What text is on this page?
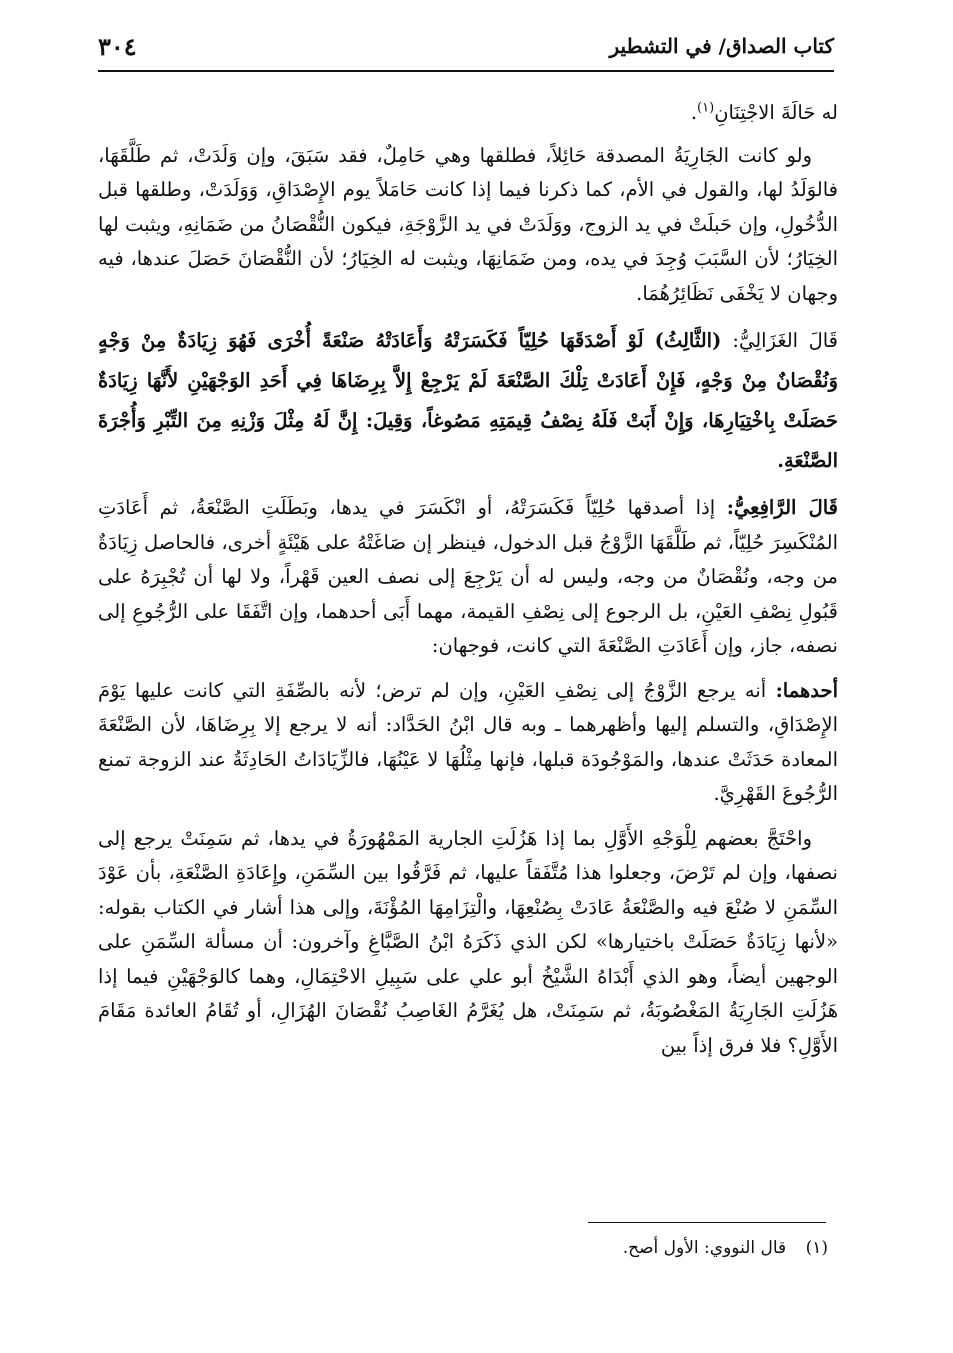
كتاب الصداق/ في التشطير
٣٠٤

له حَالَةَ الاجْتِنَانِ$^{(١)}$.

ولو كانت الجَارِيَةُ المصدقة حَائِلاً، فطلقها وهي حَامِلٌ، فقد سَبَقَ، وإن وَلَدَتْ، ثم طَلَّقَهَا، فالوَلَدُ لها، والقول في الأم، كما ذكرنا فيما إذا كانت حَامَلاً يوم الإِصْدَاقِ، وَوَلَدَتْ، وطلقها قبل الدُّخُولِ، وإن حَبلَتْ في يد الزوج، ووَلَدَتْ في يد الزَّوْجَةِ، فيكون النُّقْصَانُ من ضَمَانِهِ، ويثبت لها الخِيَارُ؛ لأن السَّبَبَ وُجِدَ في يده، ومن ضَمَانِهَا، ويثبت له الخِيَارُ؛ لأن النُّقْصَانَ حَصَلَ عندها، فيه وجهان لا يَخْفَى نَظَائِرُهُمَا.

قَالَ الغَزَالِيُّ: (الثَّالِثُ) لَوْ أَصْدَقَهَا حُلِيّاً فَكَسَرَتْهُ وَأَعَادَتْهُ صَنْعَةً أُخْرَى فَهُوَ زِيَادَةٌ مِنْ وَجْهٍ وَنُقْصَانٌ مِنْ وَجْهٍ، فَإِنْ أَعَادَتْ تِلْكَ الصَّنْعَةَ لَمْ يَرْجِعْ إِلاَّ بِرِضَاهَا فِي أَحَدِ الوَجْهَيْنِ لأَنَّهَا زِيَادَةٌ حَصَلَتْ بِاخْتِيَارِهَا، وَإِنْ أَبَتْ فَلَهُ نِصْفُ قِيمَتِهِ مَصُوغاً، وَقِيلَ: إِنَّ لَهُ مِثْلَ وَزْنِهِ مِنَ التِّبْرِ وَأُجْرَةَ الصَّنْعَةِ.

قَالَ الرَّافِعِيُّ: إذا أصدقها حُلِيّاً فَكَسَرَتْهُ، أو انْكَسَرَ في يدها، وبَطَلَتِ الصَّنْعَةُ، ثم أَعَادَتِ المُنْكَسِرَ حُلِيّاً، ثم طَلَّقَهَا الزَّوْجُ قبل الدخول، فينظر إن صَاغَتْهُ على هَيْئَةٍ أخرى، فالحاصل زِيَادَةٌ من وجه، ونُقْصَانٌ من وجه، وليس له أن يَرْجِعَ إلى نصف العين قَهْراً، ولا لها أن تُجْبِرَهُ على قَبُولِ نِصْفِ العَيْنِ، بل الرجوع إلى نِصْفِ القيمة، مهما أَبَى أحدهما، وإن اتَّفَقَا على الرُّجُوعِ إلى نصفه، جاز، وإن أَعَادَتِ الصَّنْعَةَ التي كانت، فوجهان:

أحدهما: أنه يرجع الزَّوْجُ إلى نِصْفِ العَيْنِ، وإن لم ترض؛ لأنه بالصِّفَةِ التي كانت عليها يَوْمَ الإِصْدَاقِ، والتسلم إليها وأظهرهما ـ وبه قال ابْنُ الحَدَّاد: أنه لا يرجع إلا بِرِضَاهَا، لأن الصَّنْعَةَ المعادة حَدَثَتْ عندها، والمَوْجُودَة قبلها، فإنها مِثْلُهَا لا عَيْنُهَا، فالزِّيَادَاتُ الحَادِثَةُ عند الزوجة تمنع الرُّجُوعَ القَهْرِيَّ.

واحْتَجَّ بعضهم لِلْوَجْهِ الأَوَّلِ بما إذا هَزُلَتِ الجارية المَمْهُورَةُ في يدها، ثم سَمِنَتْ يرجع إلى نصفها، وإن لم تَرْضَ، وجعلوا هذا مُتَّفَقاً عليها، ثم فَرَّقُوا بين السِّمَنِ، وإِعَادَةِ الصَّنْعَةِ، بأن عَوْدَ السِّمَنِ لا صُنْعَ فيه والصَّنْعَةُ عَادَتْ بِصُنْعِهَا، والْتِزَامِهَا المُؤْنَةَ، وإلى هذا أشار في الكتاب بقوله: «لأنها زِيَادَةٌ حَصَلَتْ باختيارها» لكن الذي ذَكَرَهُ ابْنُ الصَّبَّاغِ وآخرون: أن مسألة السِّمَنِ على الوجهين أيضاً، وهو الذي أَبْدَاهُ الشَّيْخُ أبو علي على سَبِيلِ الاحْتِمَالِ، وهما كالوَجْهَيْنِ فيما إذا هَزُلَتِ الجَارِيَةُ المَغْصُوبَةُ، ثم سَمِنَتْ، هل يُغَرَّمُ الغَاصِبُ نُقْصَانَ الهُزَالِ، أو تُقَامُ العائدة مَقَامَ الأَوَّلِ؟ فلا فرق إذاً بين

(١) قال النووي: الأول أصح.
